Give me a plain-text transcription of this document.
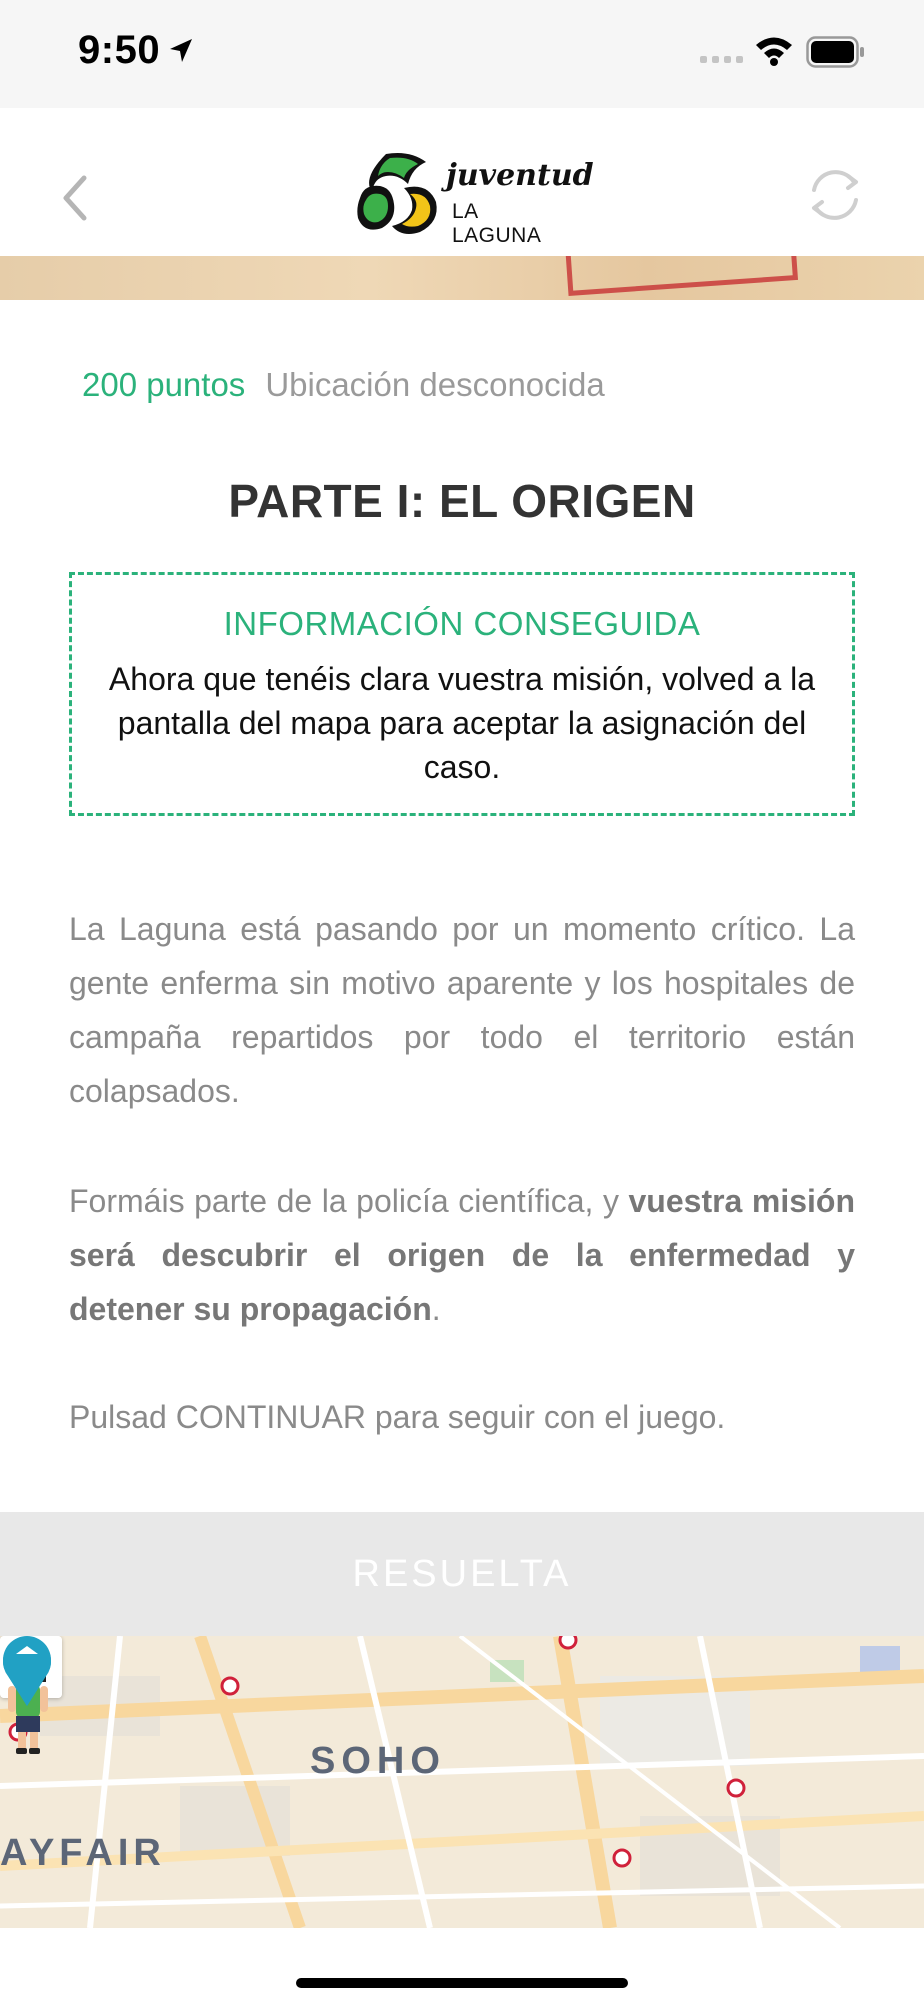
9:50
juventud
LA LAGUNA
200 puntos Ubicación desconocida
PARTE I: EL ORIGEN
INFORMACIÓN CONSEGUIDA
Ahora que tenéis clara vuestra misión, volved a la pantalla del mapa para aceptar la asignación del caso.

La Laguna está pasando por un momento crítico. La gente enferma sin motivo aparente y los hospitales de campaña repartidos por todo el territorio están colapsados.

Formáis parte de la policía científica, y vuestra misión será descubrir el origen de la enfermedad y detener su propagación.

Pulsad CONTINUAR para seguir con el juego.

RESUELTA
SOHO
AYFAIR
